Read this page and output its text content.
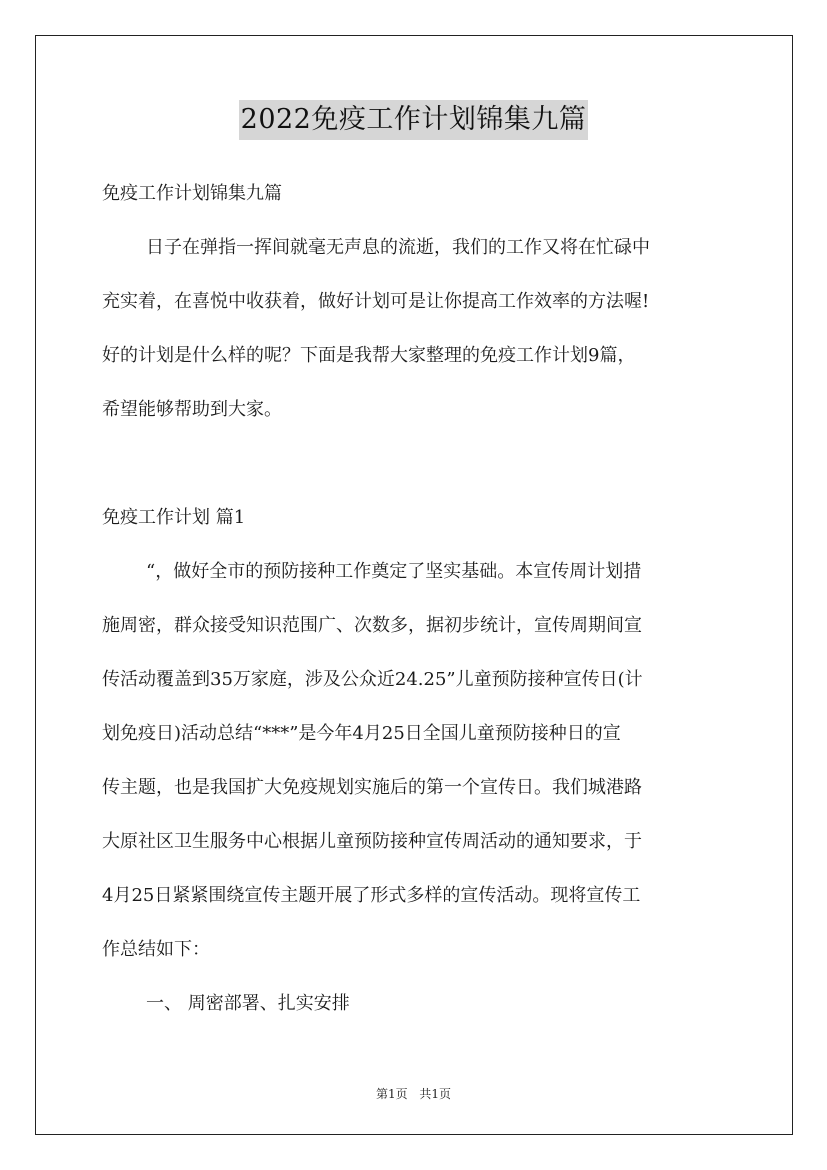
2022免疫工作计划锦集九篇
免疫工作计划锦集九篇
日子在弹指一挥间就毫无声息的流逝，我们的工作又将在忙碌中
充实着，在喜悦中收获着，做好计划可是让你提高工作效率的方法喔!
好的计划是什么样的呢？下面是我帮大家整理的免疫工作计划9篇，
希望能够帮助到大家。
免疫工作计划 篇1
“，做好全市的预防接种工作奠定了坚实基础。本宣传周计划措
施周密，群众接受知识范围广、次数多，据初步统计，宣传周期间宣
传活动覆盖到35万家庭，涉及公众近24.25”儿童预防接种宣传日(计
划免疫日)活动总结“***”是今年4月25日全国儿童预防接种日的宣
传主题，也是我国扩大免疫规划实施后的第一个宣传日。我们城港路
大原社区卫生服务中心根据儿童预防接种宣传周活动的通知要求，于
4月25日紧紧围绕宣传主题开展了形式多样的宣传活动。现将宣传工
作总结如下：
一、 周密部署、扎实安排
第1页 共1页
